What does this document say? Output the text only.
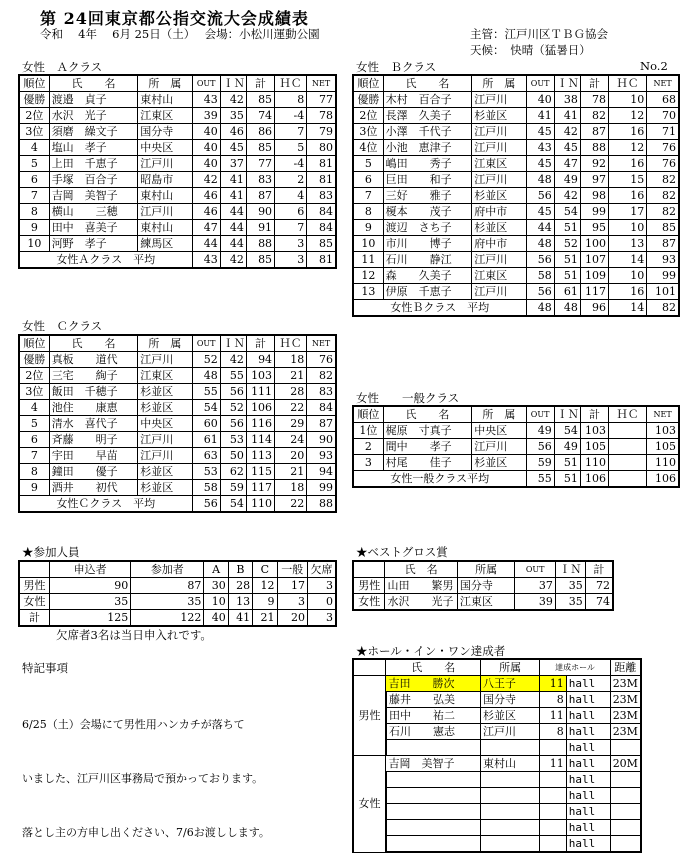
第 24回東京都公指交流大会成績表
令和　 4年　 6月 25日（土）　 会場：小松川運動公園	主管：江戸川区ＴＢＧ協会
天候：　快晴（猛暑日）
No.2
女性　Ａクラス
順位	氏　　名	所　属	OUT	ＩＮ	計	ＨＣ	NET
優勝	渡邉　貞子	東村山	43	42	85	8	77
2位	水沢　光子	江東区	39	35	74	-4	78
3位	須磨　繰文子	国分寺	40	46	86	7	79
4	塩山　孝子	中央区	40	45	85	5	80
5	上田　千恵子	江戸川	40	37	77	-4	81
6	手塚　百合子	昭島市	42	41	83	2	81
7	吉岡　美智子	東村山	46	41	87	4	83
8	横山　　三穂	江戸川	46	44	90	6	84
9	田中　喜美子	東村山	47	44	91	7	84
10	河野　孝子	練馬区	44	44	88	3	85
女性Ａクラス　平均			43	42	85	3	81
女性　Ｂクラス
順位	氏　　名	所　属	OUT	ＩＮ	計	ＨＣ	NET
優勝	木村　百合子	江戸川	40	38	78	10	68
2位	長澤　久美子	杉並区	41	41	82	12	70
3位	小澤　千代子	江戸川	45	42	87	16	71
4位	小池　恵津子	江戸川	43	45	88	12	76
5	嶋田　　秀子	江東区	45	47	92	16	76
6	巨田　　和子	江戸川	48	49	97	15	82
7	三好　　雅子	杉並区	56	42	98	16	82
8	榎本　　茂子	府中市	45	54	99	17	82
9	渡辺　さち子	杉並区	44	51	95	10	85
10	市川　　博子	府中市	48	52	100	13	87
11	石川　　静江	江戸川	56	51	107	14	93
12	森　　久美子	江東区	58	51	109	10	99
13	伊原　千恵子	江戸川	56	61	117	16	101
女性Ｂクラス　平均			48	48	96	14	82
女性　Ｃクラス
順位	氏　　名	所　属	OUT	ＩＮ	計	ＨＣ	NET
優勝	真板　　道代	江戸川	52	42	94	18	76
2位	三宅　　絢子	江東区	48	55	103	21	82
3位	飯田　千穂子	杉並区	55	56	111	28	83
4	池住　　康恵	杉並区	54	52	106	22	84
5	清水　喜代子	中央区	60	56	116	29	87
6	斉藤　　明子	江戸川	61	53	114	24	90
7	宇田　　早苗	江戸川	63	50	113	20	93
8	鐘田　　優子	杉並区	53	62	115	21	94
9	酒井　　初代	杉並区	58	59	117	18	99
女性Ｃクラス　平均			56	54	110	22	88
女性　　一般クラス
順位	氏　　名	所　属	OUT	ＩＮ	計	ＨＣ	NET
1位	梶原　寸真子	中央区	49	54	103		103
2	間中　　孝子	江戸川	56	49	105		105
3	村尾　　佳子	杉並区	59	51	110		110
女性一般クラス平均			55	51	106		106
★参加人員
	申込者	参加者	A	B	C	一般	欠席
男性	90	87	30	28	12	17	3
女性	35	35	10	13	9	3	0
計	125	122	40	41	21	20	3
欠席者3名は当日申入れです。
★ベストグロス賞
	氏　名	所属	OUT	ＩＮ	計
男性	山田　　繁男	国分寺	37	35	72
女性	水沢　　光子	江東区	39	35	74
特記事項

6/25（土）会場にて男性用ハンカチが落ちて

いました、江戸川区事務局で預かっております。

落とし主の方申し出ください、7/6お渡しします。

★ホール・イン・ワン達成者
	氏　　名	所属	達成ホール		距離
男性	吉田　　勝次	八王子	11	hall	23M
	藤井　　弘美	国分寺	8	hall	23M
	田中　　祐二	杉並区	11	hall	23M
	石川　　憲志	江戸川	8	hall	23M
				hall	
女性	吉岡　美智子	東村山	11	hall	20M
				hall	
				hall	
				hall	
				hall	
				hall	
